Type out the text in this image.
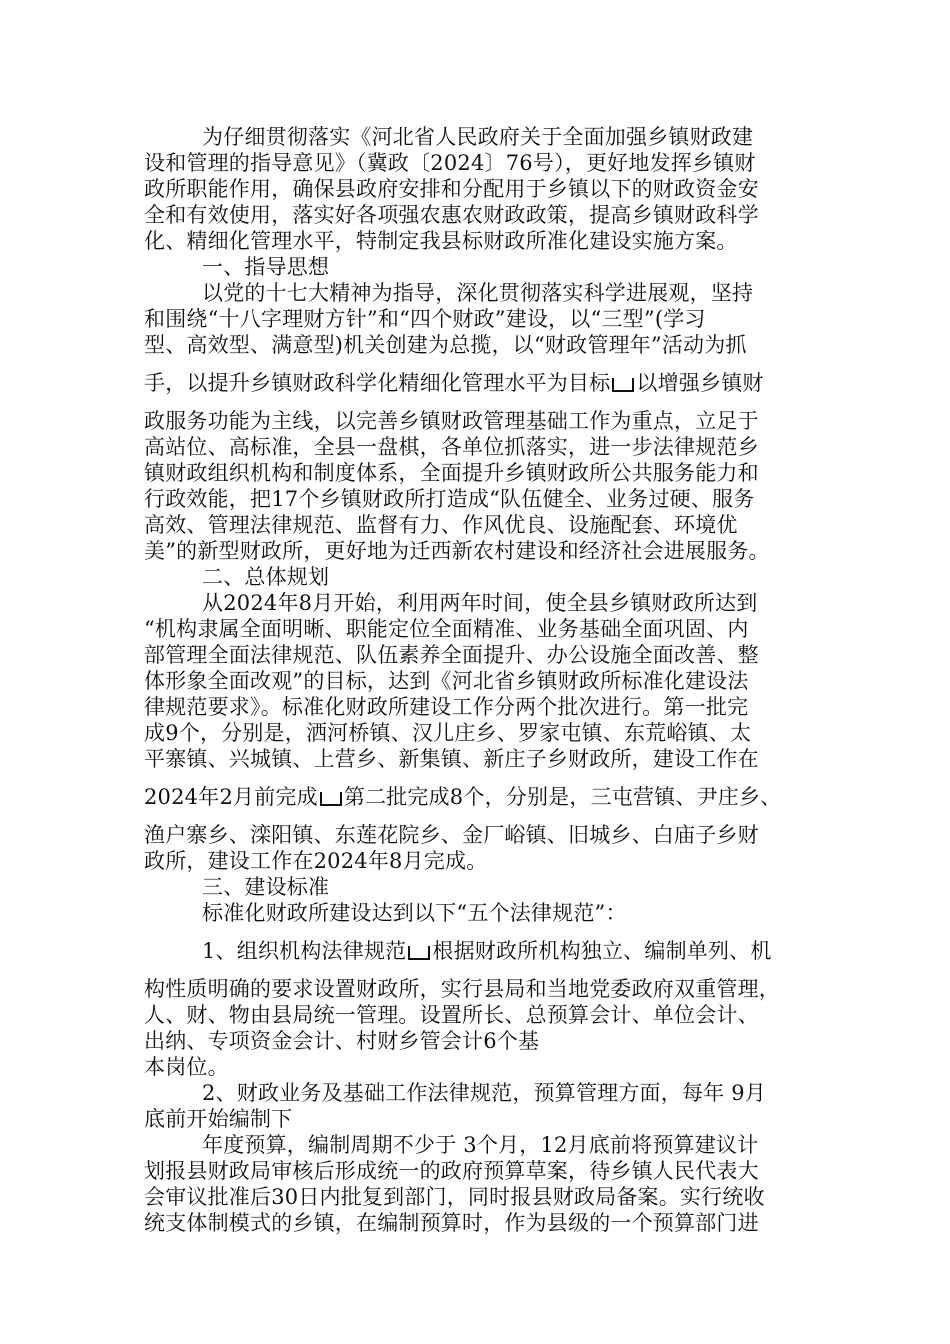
为仔细贯彻落实《河北省人民政府关于全面加强乡镇财政建
设和管理的指导意见》（冀政〔2024〕76号），更好地发挥乡镇财
政所职能作用，确保县政府安排和分配用于乡镇以下的财政资金安
全和有效使用，落实好各项强农惠农财政政策，提高乡镇财政科学
化、精细化管理水平，特制定我县标财政所准化建设实施方案。
一、指导思想
以党的十七大精神为指导，深化贯彻落实科学进展观，坚持
和围绕“十八字理财方针”和“四个财政”建设，以“三型”(学习
型、高效型、满意型)机关创建为总揽，以“财政管理年”活动为抓
手，以提升乡镇财政科学化精细化管理水平为目标 以增强乡镇财
政服务功能为主线，以完善乡镇财政管理基础工作为重点，立足于
高站位、高标准，全县一盘棋，各单位抓落实，进一步法律规范乡
镇财政组织机构和制度体系，全面提升乡镇财政所公共服务能力和
行政效能，把17个乡镇财政所打造成“队伍健全、业务过硬、服务
高效、管理法律规范、监督有力、作风优良、设施配套、环境优
美”的新型财政所，更好地为迁西新农村建设和经济社会进展服务。
二、总体规划
从2024年8月开始，利用两年时间，使全县乡镇财政所达到
“机构隶属全面明晰、职能定位全面精准、业务基础全面巩固、内
部管理全面法律规范、队伍素养全面提升、办公设施全面改善、整
体形象全面改观”的目标，达到《河北省乡镇财政所标准化建设法
律规范要求》。标准化财政所建设工作分两个批次进行。第一批完
成9个，分别是，洒河桥镇、汉儿庄乡、罗家屯镇、东荒峪镇、太
平寨镇、兴城镇、上营乡、新集镇、新庄子乡财政所，建设工作在
2024年2月前完成 第二批完成8个，分别是，三屯营镇、尹庄乡、
渔户寨乡、滦阳镇、东莲花院乡、金厂峪镇、旧城乡、白庙子乡财
政所，建设工作在2024年8月完成。
三、建设标准
标准化财政所建设达到以下“五个法律规范”：
1、组织机构法律规范 根据财政所机构独立、编制单列、机
构性质明确的要求设置财政所，实行县局和当地党委政府双重管理，
人、财、物由县局统一管理。设置所长、总预算会计、单位会计、
出纳、专项资金会计、村财乡管会计6个基
本岗位。
2、财政业务及基础工作法律规范，预算管理方面，每年 9月
底前开始编制下
年度预算，编制周期不少于 3个月，12月底前将预算建议计
划报县财政局审核后形成统一的政府预算草案，待乡镇人民代表大
会审议批准后30日内批复到部门，同时报县财政局备案。实行统收
统支体制模式的乡镇，在编制预算时，作为县级的一个预算部门进
